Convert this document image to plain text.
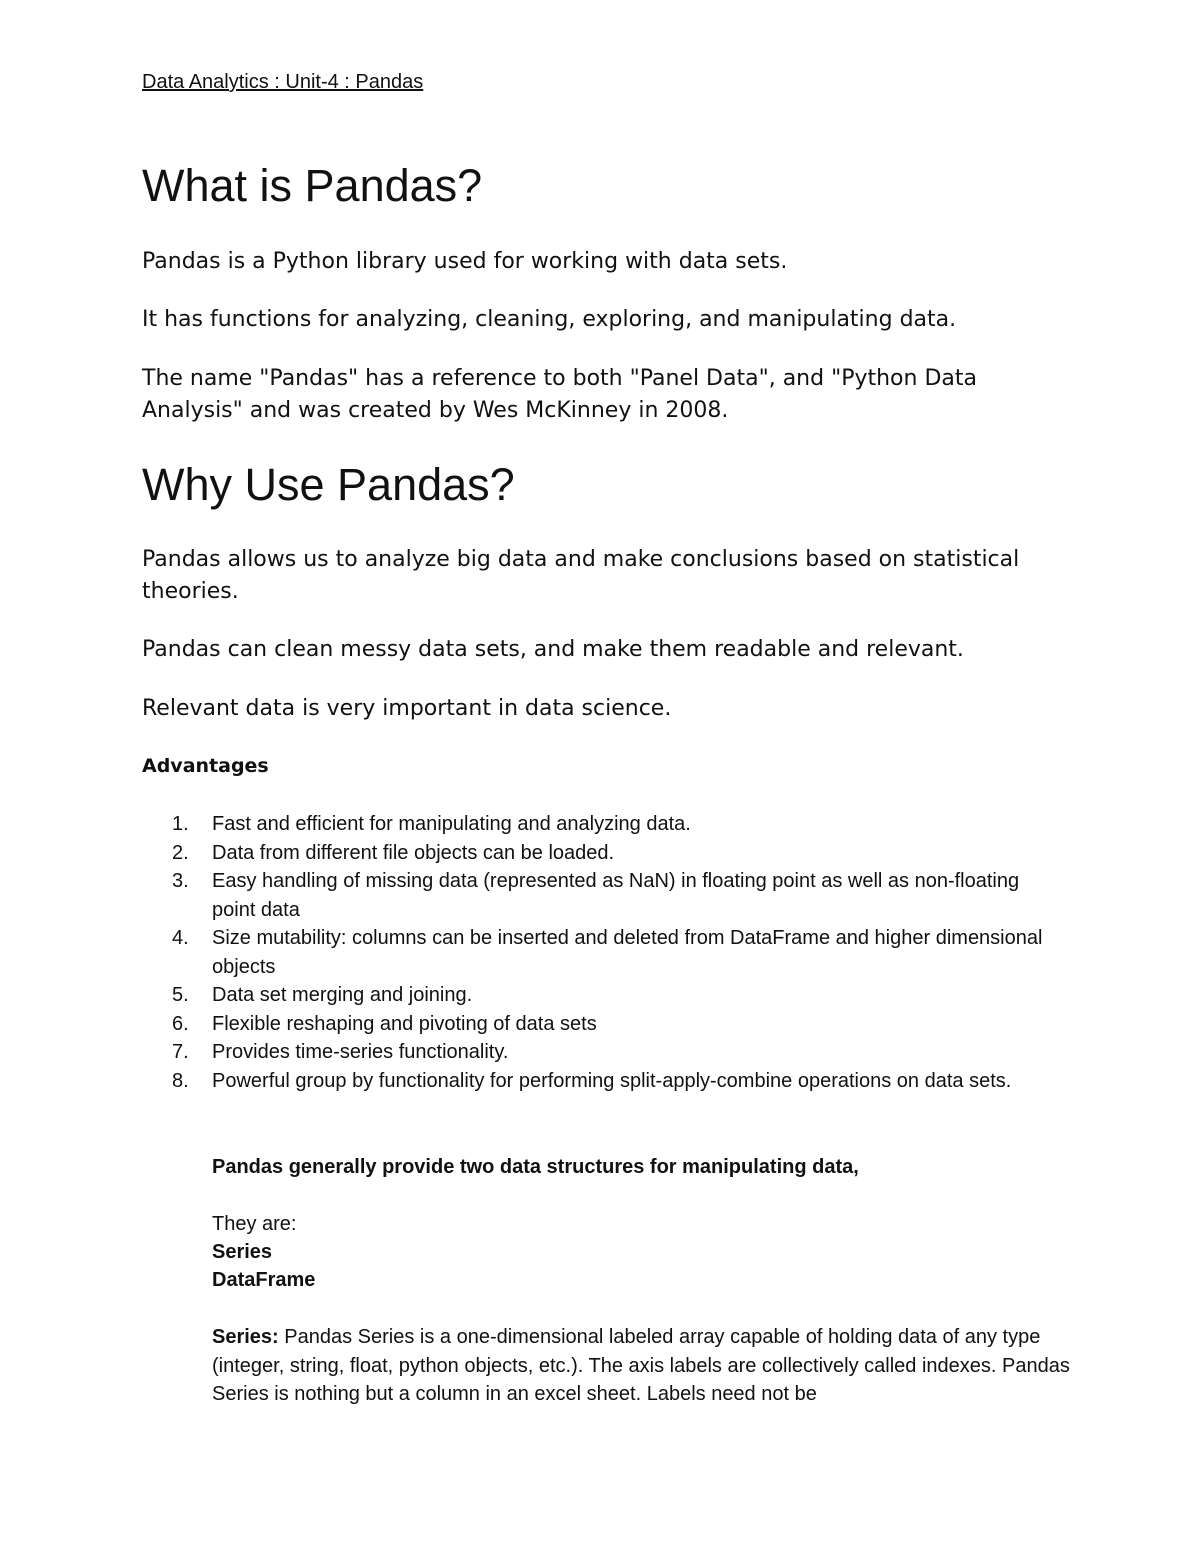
Data Analytics : Unit-4 : Pandas

What is Pandas?

Pandas is a Python library used for working with data sets.

It has functions for analyzing, cleaning, exploring, and manipulating data.

The name "Pandas" has a reference to both "Panel Data", and "Python Data Analysis" and was created by Wes McKinney in 2008.

Why Use Pandas?

Pandas allows us to analyze big data and make conclusions based on statistical theories.

Pandas can clean messy data sets, and make them readable and relevant.

Relevant data is very important in data science.

Advantages

1.	Fast and efficient for manipulating and analyzing data.
2.	Data from different file objects can be loaded.
3.	Easy handling of missing data (represented as NaN) in floating point as well as non-floating point data
4.	Size mutability: columns can be inserted and deleted from DataFrame and higher dimensional objects
5.	Data set merging and joining.
6.	Flexible reshaping and pivoting of data sets
7.	Provides time-series functionality.
8.	Powerful group by functionality for performing split-apply-combine operations on data sets.

Pandas generally provide two data structures for manipulating data,

They are:

Series

DataFrame

Series: Pandas Series is a one-dimensional labeled array capable of holding data of any type (integer, string, float, python objects, etc.). The axis labels are collectively called indexes. Pandas Series is nothing but a column in an excel sheet. Labels need not be
